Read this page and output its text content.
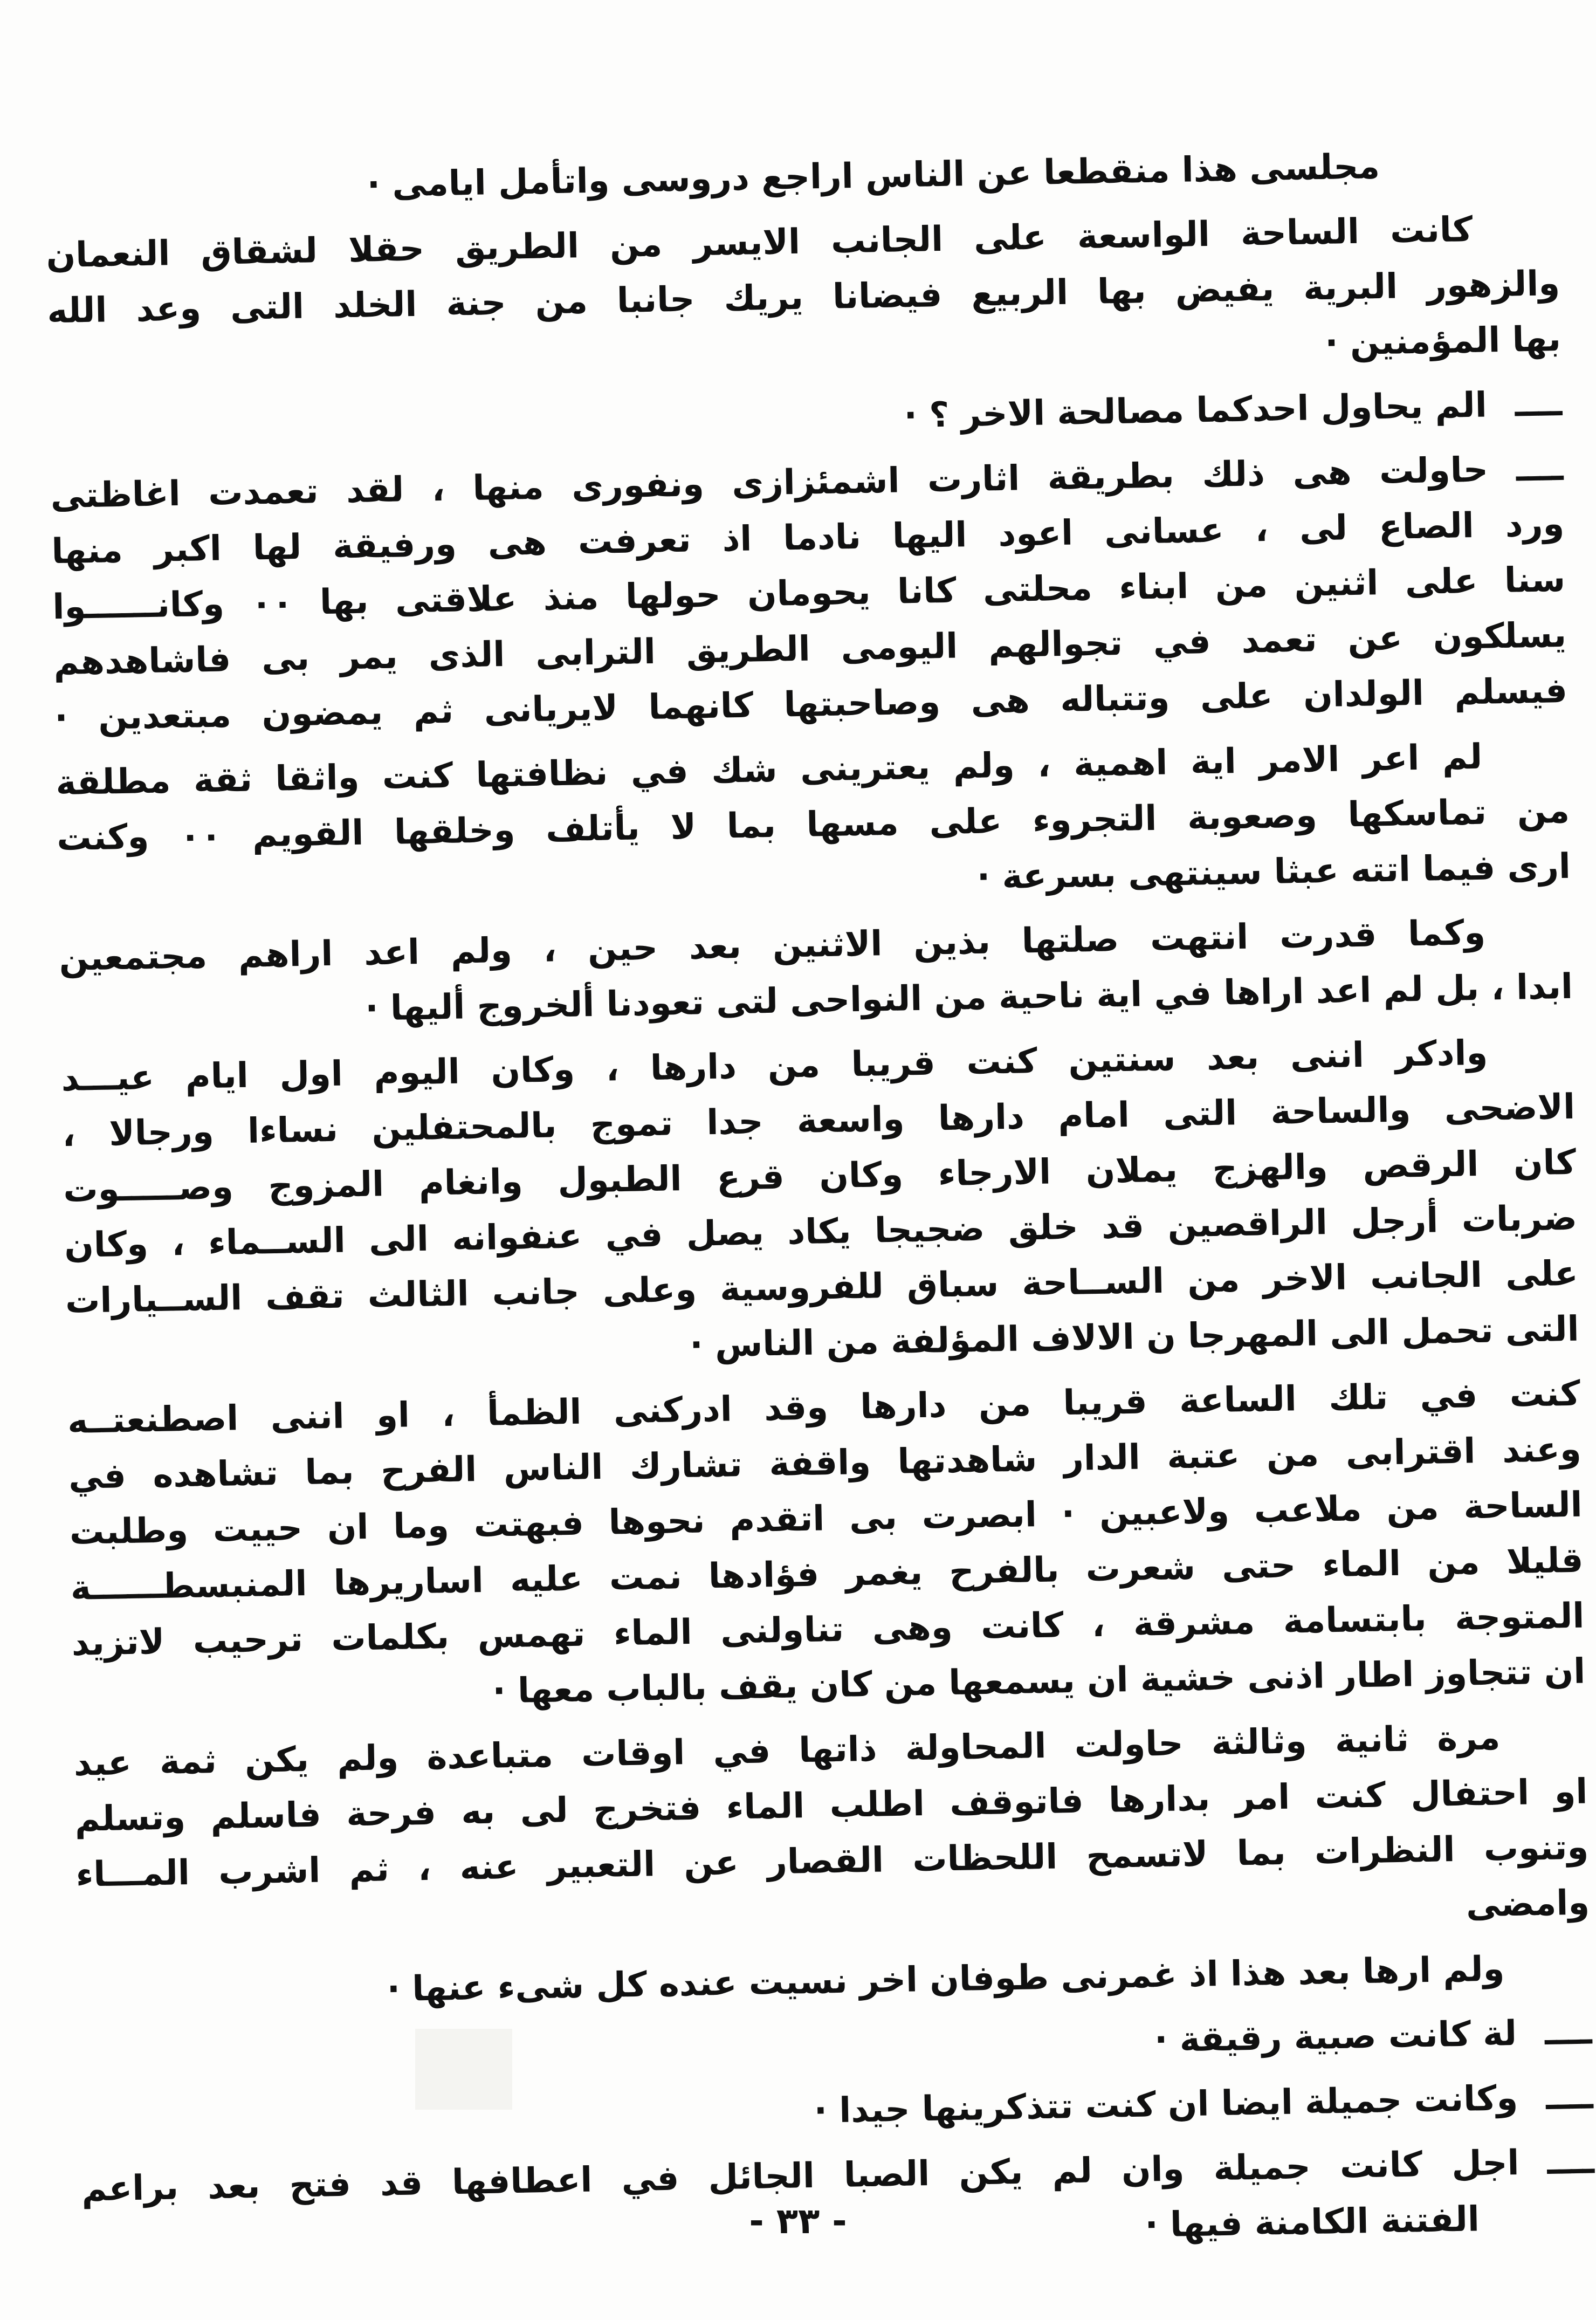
مجلسى هذا منقطعا عن الناس اراجع دروسى واتأمل ايامى ·
كانت الساحة الواسعة على الجانب الايسر من الطريق حقلا لشقاق النعمان
والزهور البرية يفيض بها الربيع فيضانا يريك جانبا من جنة الخلد التى وعد الله
بها المؤمنين ·
ــــالم يحاول احدكما مصالحة الاخر ؟ ·
ــــحاولت هى ذلك بطريقة اثارت اشمئزازى ونفورى منها ، لقد تعمدت اغاظتى
ورد الصاع لى ، عسانى اعود اليها نادما اذ تعرفت هى ورفيقة لها اكبر منها
سنا على اثنين من ابناء محلتى كانا يحومان حولها منذ علاقتى بها ٠٠ وكانــــــوا
يسلكون عن تعمد في تجوالهم اليومى الطريق الترابى الذى يمر بى فاشاهدهم
فيسلم الولدان على وتتباله هى وصاحبتها كانهما لايريانى ثم يمضون مبتعدين ·
لم اعر الامر اية اهمية ، ولم يعترينى شك في نظافتها كنت واثقا ثقة مطلقة
من تماسكها وصعوبة التجروء على مسها بما لا يأتلف وخلقها القويم ٠٠ وكنت
ارى فيما اتته عبثا سينتهى بسرعة ·
وكما قدرت انتهت صلتها بذين الاثنين بعد حين ، ولم اعد اراهم مجتمعين
ابدا ، بل لم اعد اراها في اية ناحية من النواحى لتى تعودنا ألخروج أليها ·
وادكر اننى بعد سنتين كنت قريبا من دارها ، وكان اليوم اول ايام عيـــد
الاضحى والساحة التى امام دارها واسعة جدا تموج بالمحتفلين نساءا ورجالا ،
كان الرقص والهزج يملان الارجاء وكان قرع الطبول وانغام المزوج وصـــــوت
ضربات أرجل الراقصين قد خلق ضجيجا يكاد يصل في عنفوانه الى الســماء ، وكان
على الجانب الاخر من الســاحة سباق للفروسية وعلى جانب الثالث تقف الســيارات
التى تحمل الى المهرجا ن الالاف المؤلفة من الناس ·
كنت في تلك الساعة قريبا من دارها وقد ادركنى الظمأ ، او اننى اصطنعتــه
وعند اقترابى من عتبة الدار شاهدتها واقفة تشارك الناس الفرح بما تشاهده في
الساحة من ملاعب ولاعبين · ابصرت بى اتقدم نحوها فبهتت وما ان حييت وطلبت
قليلا من الماء حتى شعرت بالفرح يغمر فؤادها نمت عليه اساريرها المنبسطــــــة
المتوجة بابتسامة مشرقة ، كانت وهى تناولنى الماء تهمس بكلمات ترحيب لاتزيد
ان تتجاوز اطار اذنى خشية ان يسمعها من كان يقف بالباب معها ·
مرة ثانية وثالثة حاولت المحاولة ذاتها في اوقات متباعدة ولم يكن ثمة عيد
او احتفال كنت امر بدارها فاتوقف اطلب الماء فتخرج لى به فرحة فاسلم وتسلم
وتنوب النظرات بما لاتسمح اللحظات القصار عن التعبير عنه ، ثم اشرب المـــاء
وامضى
ولم ارها بعد هذا اذ غمرنى طوفان اخر نسيت عنده كل شىء عنها ·
ــــلة كانت صبية رقيقة ·
ــــوكانت جميلة ايضا ان كنت تتذكرينها جيدا ·
ــــاجل كانت جميلة وان لم يكن الصبا الجائل في اعطافها قد فتح بعد براعم
الفتنة الكامنة فيها ·
- ٣٣ -
